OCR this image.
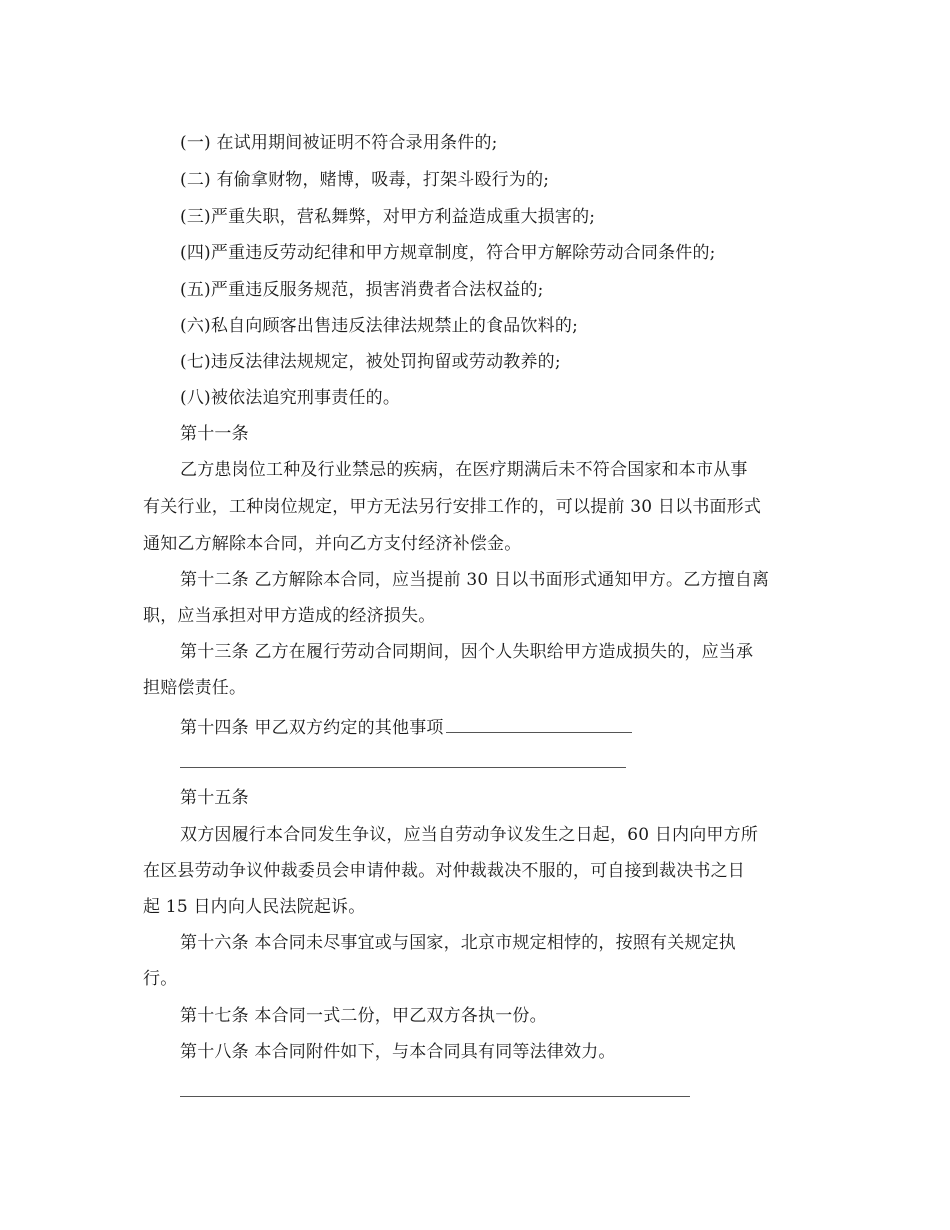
(一) 在试用期间被证明不符合录用条件的;
(二) 有偷拿财物，赌博，吸毒，打架斗殴行为的;
(三)严重失职，营私舞弊，对甲方利益造成重大损害的;
(四)严重违反劳动纪律和甲方规章制度，符合甲方解除劳动合同条件的;
(五)严重违反服务规范，损害消费者合法权益的;
(六)私自向顾客出售违反法律法规禁止的食品饮料的;
(七)违反法律法规规定，被处罚拘留或劳动教养的;
(八)被依法追究刑事责任的。
第十一条
乙方患岗位工种及行业禁忌的疾病，在医疗期满后未不符合国家和本市从事
有关行业，工种岗位规定，甲方无法另行安排工作的，可以提前 30 日以书面形式
通知乙方解除本合同，并向乙方支付经济补偿金。
第十二条 乙方解除本合同，应当提前 30 日以书面形式通知甲方。乙方擅自离
职，应当承担对甲方造成的经济损失。
第十三条 乙方在履行劳动合同期间，因个人失职给甲方造成损失的，应当承
担赔偿责任。
第十四条 甲乙双方约定的其他事项
第十五条
双方因履行本合同发生争议，应当自劳动争议发生之日起，60 日内向甲方所
在区县劳动争议仲裁委员会申请仲裁。对仲裁裁决不服的，可自接到裁决书之日
起 15 日内向人民法院起诉。
第十六条 本合同未尽事宜或与国家，北京市规定相悖的，按照有关规定执
行。
第十七条 本合同一式二份，甲乙双方各执一份。
第十八条 本合同附件如下，与本合同具有同等法律效力。
